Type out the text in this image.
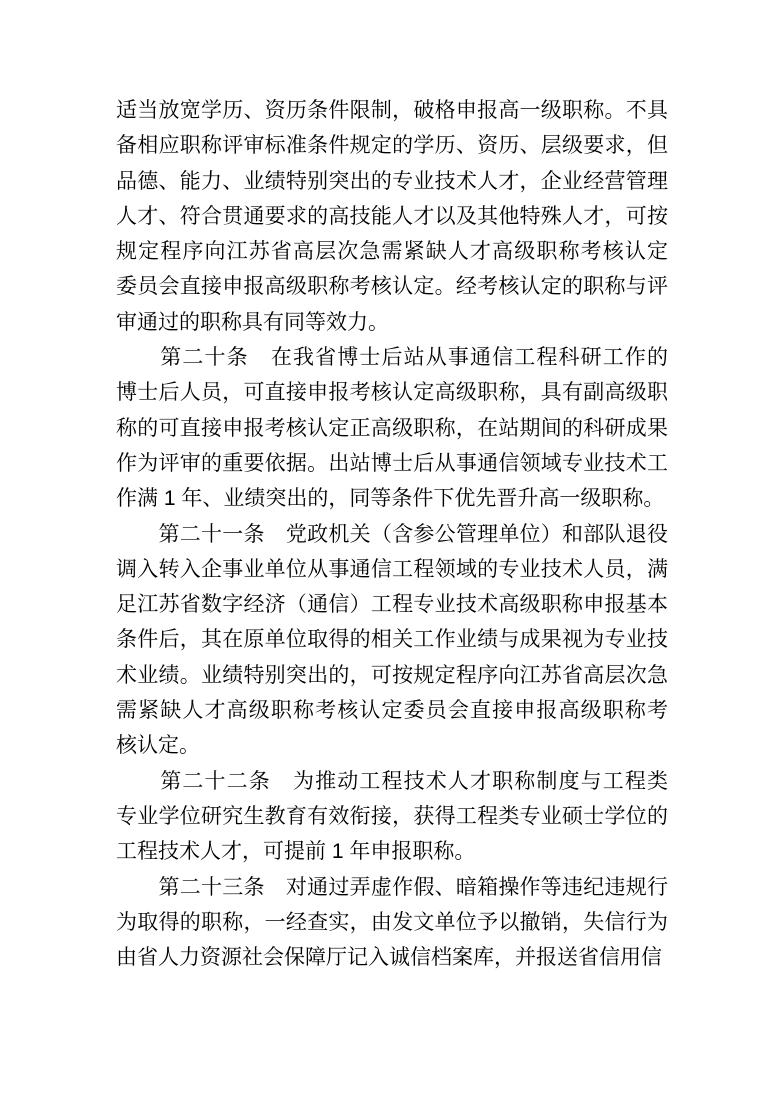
适当放宽学历、资历条件限制，破格申报高一级职称。不具
备相应职称评审标准条件规定的学历、资历、层级要求，但
品德、能力、业绩特别突出的专业技术人才，企业经营管理
人才、符合贯通要求的高技能人才以及其他特殊人才，可按
规定程序向江苏省高层次急需紧缺人才高级职称考核认定
委员会直接申报高级职称考核认定。经考核认定的职称与评
审通过的职称具有同等效力。
　　第二十条　在我省博士后站从事通信工程科研工作的
博士后人员，可直接申报考核认定高级职称，具有副高级职
称的可直接申报考核认定正高级职称，在站期间的科研成果
作为评审的重要依据。出站博士后从事通信领域专业技术工
作满 1 年、业绩突出的，同等条件下优先晋升高一级职称。
　　第二十一条　党政机关（含参公管理单位）和部队退役
调入转入企事业单位从事通信工程领域的专业技术人员，满
足江苏省数字经济（通信）工程专业技术高级职称申报基本
条件后，其在原单位取得的相关工作业绩与成果视为专业技
术业绩。业绩特别突出的，可按规定程序向江苏省高层次急
需紧缺人才高级职称考核认定委员会直接申报高级职称考
核认定。
　　第二十二条　为推动工程技术人才职称制度与工程类
专业学位研究生教育有效衔接，获得工程类专业硕士学位的
工程技术人才，可提前 1 年申报职称。
　　第二十三条　对通过弄虚作假、暗箱操作等违纪违规行
为取得的职称，一经查实，由发文单位予以撤销，失信行为
由省人力资源社会保障厅记入诚信档案库，并报送省信用信
